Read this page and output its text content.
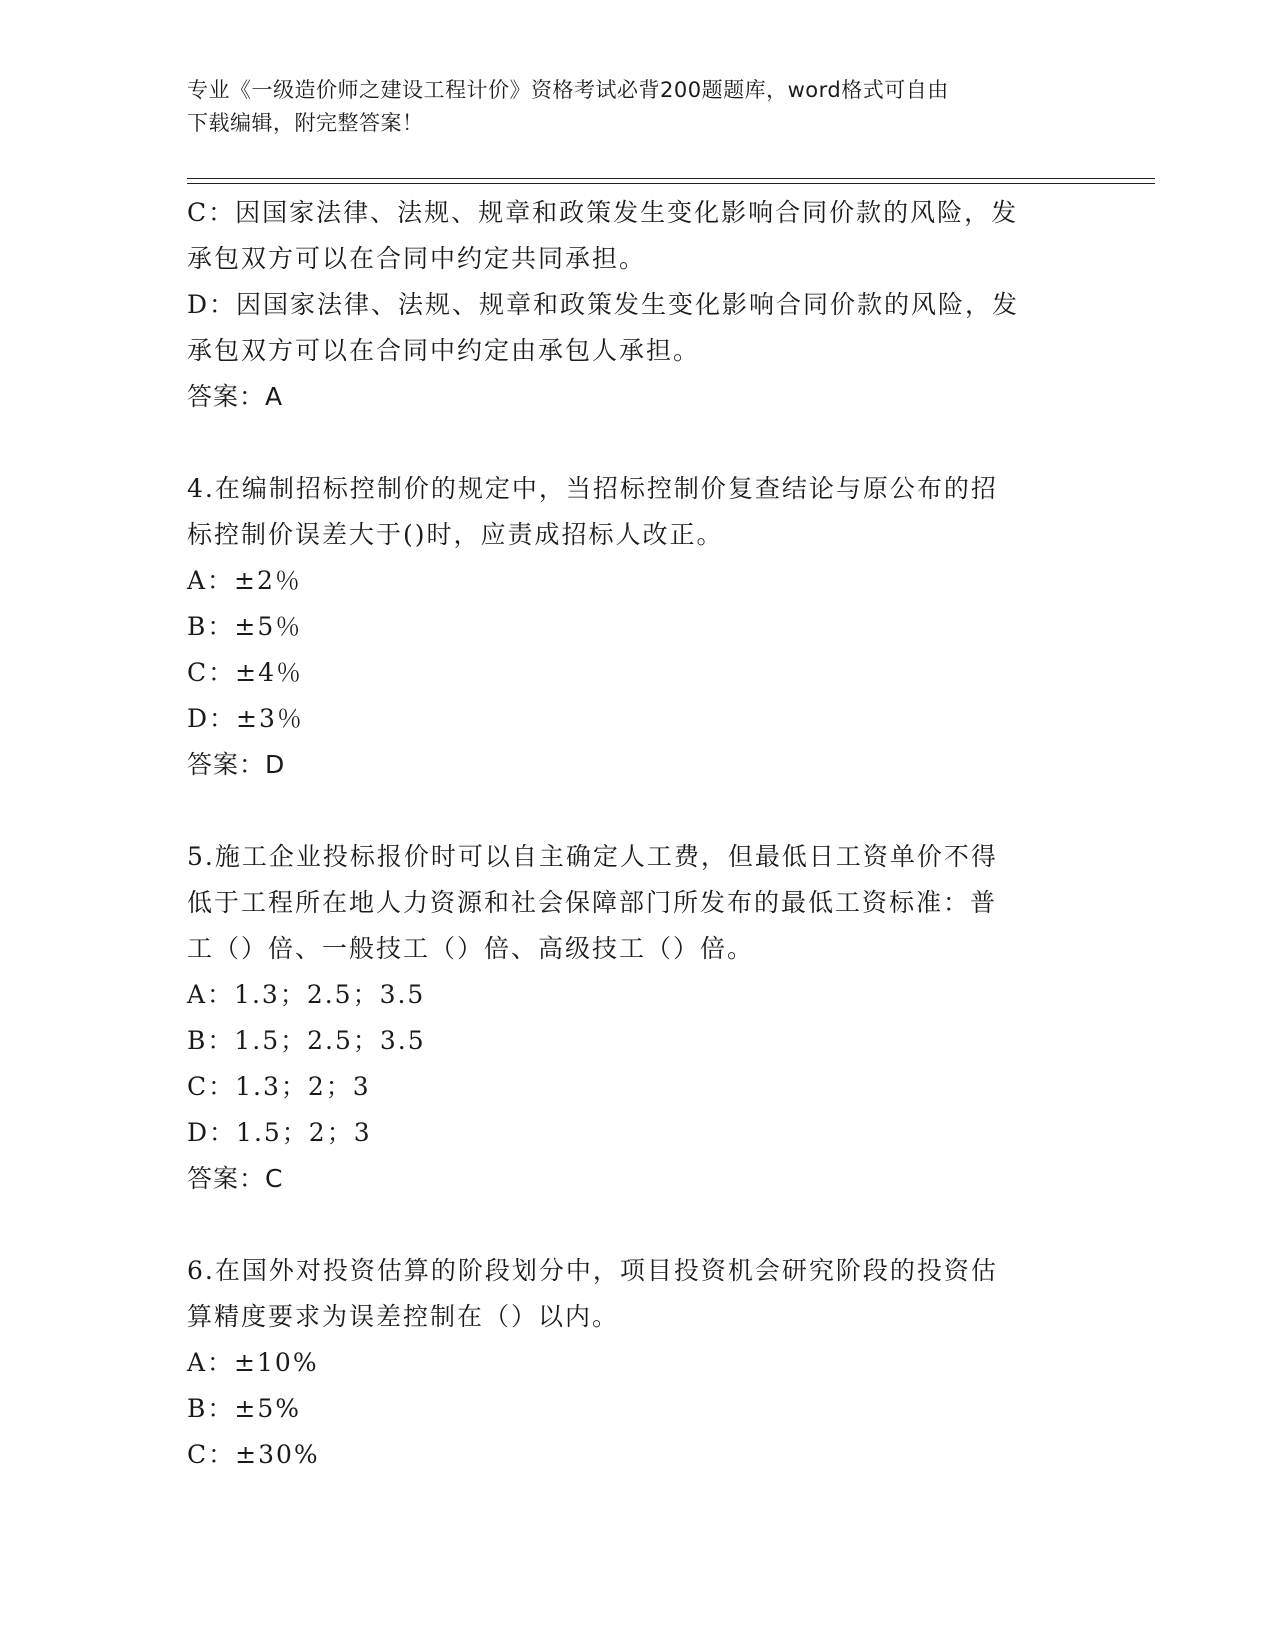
专业《一级造价师之建设工程计价》资格考试必背200题题库，word格式可自由
下载编辑，附完整答案！
C：因国家法律、法规、规章和政策发生变化影响合同价款的风险，发
承包双方可以在合同中约定共同承担。
D：因国家法律、法规、规章和政策发生变化影响合同价款的风险，发
承包双方可以在合同中约定由承包人承担。
答案：A
4.在编制招标控制价的规定中，当招标控制价复查结论与原公布的招
标控制价误差大于()时，应责成招标人改正。
A：±2％
B：±5％
C：±4％
D：±3％
答案：D
5.施工企业投标报价时可以自主确定人工费，但最低日工资单价不得
低于工程所在地人力资源和社会保障部门所发布的最低工资标准：普
工（）倍、一般技工（）倍、高级技工（）倍。
A：1.3；2.5；3.5
B：1.5；2.5；3.5
C：1.3；2；3
D：1.5；2；3
答案：C
6.在国外对投资估算的阶段划分中，项目投资机会研究阶段的投资估
算精度要求为误差控制在（）以内。
A：±10%
B：±5%
C：±30%
